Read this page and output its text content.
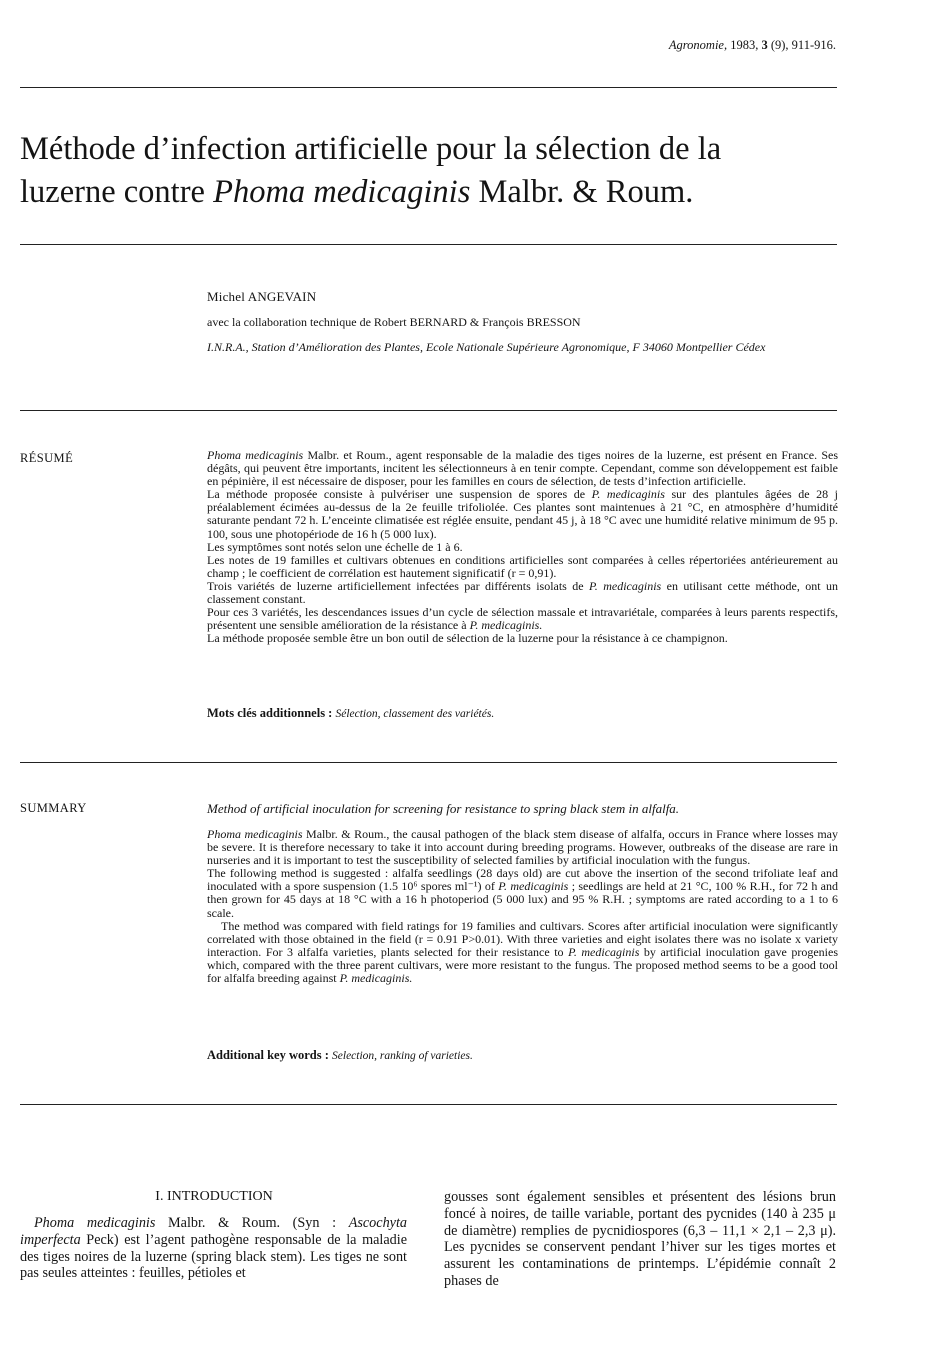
Agronomie, 1983, 3 (9), 911-916.
Méthode d’infection artificielle pour la sélection de la
luzerne contre Phoma medicaginis Malbr. & Roum.
Michel ANGEVAIN
avec la collaboration technique de Robert BERNARD & François BRESSON
I.N.R.A., Station d’Amélioration des Plantes, Ecole Nationale Supérieure Agronomique, F 34060 Montpellier Cédex
RÉSUMÉ	Phoma medicaginis Malbr. et Roum., agent responsable de la maladie des tiges noires de la luzerne, est présent en France. Ses dégâts, qui peuvent être importants, incitent les sélectionneurs à en tenir compte. Cependant, comme son développement est faible en pépinière, il est nécessaire de disposer, pour les familles en cours de sélection, de tests d’infection artificielle.

La méthode proposée consiste à pulvériser une suspension de spores de P. medicaginis sur des plantules âgées de 28 j préalablement écimées au-dessus de la 2e feuille trifoliolée. Ces plantes sont maintenues à 21 °C, en atmosphère d’humidité saturante pendant 72 h. L’enceinte climatisée est réglée ensuite, pendant 45 j, à 18 °C avec une humidité relative minimum de 95 p. 100, sous une photopériode de 16 h (5 000 lux).

Les symptômes sont notés selon une échelle de 1 à 6.

Les notes de 19 familles et cultivars obtenues en conditions artificielles sont comparées à celles répertoriées antérieurement au champ ; le coefficient de corrélation est hautement significatif (r = 0,91).

Trois variétés de luzerne artificiellement infectées par différents isolats de P. medicaginis en utilisant cette méthode, ont un classement constant.

Pour ces 3 variétés, les descendances issues d’un cycle de sélection massale et intravariétale, comparées à leurs parents respectifs, présentent une sensible amélioration de la résistance à P. medicaginis.

La méthode proposée semble être un bon outil de sélection de la luzerne pour la résistance à ce champignon.

Mots clés additionnels : Sélection, classement des variétés.
SUMMARY	Method of artificial inoculation for screening for resistance to spring black stem in alfalfa.

Phoma medicaginis Malbr. & Roum., the causal pathogen of the black stem disease of alfalfa, occurs in France where losses may be severe. It is therefore necessary to take it into account during breeding programs. However, outbreaks of the disease are rare in nurseries and it is important to test the susceptibility of selected families by artificial inoculation with the fungus.

The following method is suggested : alfalfa seedlings (28 days old) are cut above the insertion of the second trifoliate leaf and inoculated with a spore suspension (1.5 10⁶ spores ml⁻¹) of P. medicaginis ; seedlings are held at 21 °C, 100 % R.H., for 72 h and then grown for 45 days at 18 °C with a 16 h photoperiod (5 000 lux) and 95 % R.H. ; symptoms are rated according to a 1 to 6 scale.

The method was compared with field ratings for 19 families and cultivars. Scores after artificial inoculation were significantly correlated with those obtained in the field (r = 0.91 P>0.01). With three varieties and eight isolates there was no isolate x variety interaction. For 3 alfalfa varieties, plants selected for their resistance to P. medicaginis by artificial inoculation gave progenies which, compared with the three parent cultivars, were more resistant to the fungus. The proposed method seems to be a good tool for alfalfa breeding against P. medicaginis.

Additional key words : Selection, ranking of varieties.
I. INTRODUCTION

Phoma medicaginis Malbr. & Roum. (Syn : Ascochyta imperfecta Peck) est l’agent pathogène responsable de la maladie des tiges noires de la luzerne (spring black stem). Les tiges ne sont pas seules atteintes : feuilles, pétioles et

gousses sont également sensibles et présentent des lésions brun foncé à noires, de taille variable, portant des pycnides (140 à 235 μ de diamètre) remplies de pycnidiospores (6,3 – 11,1 × 2,1 – 2,3 μ). Les pycnides se conservent pendant l’hiver sur les tiges mortes et assurent les contaminations de printemps. L’épidémie connaît 2 phases de
